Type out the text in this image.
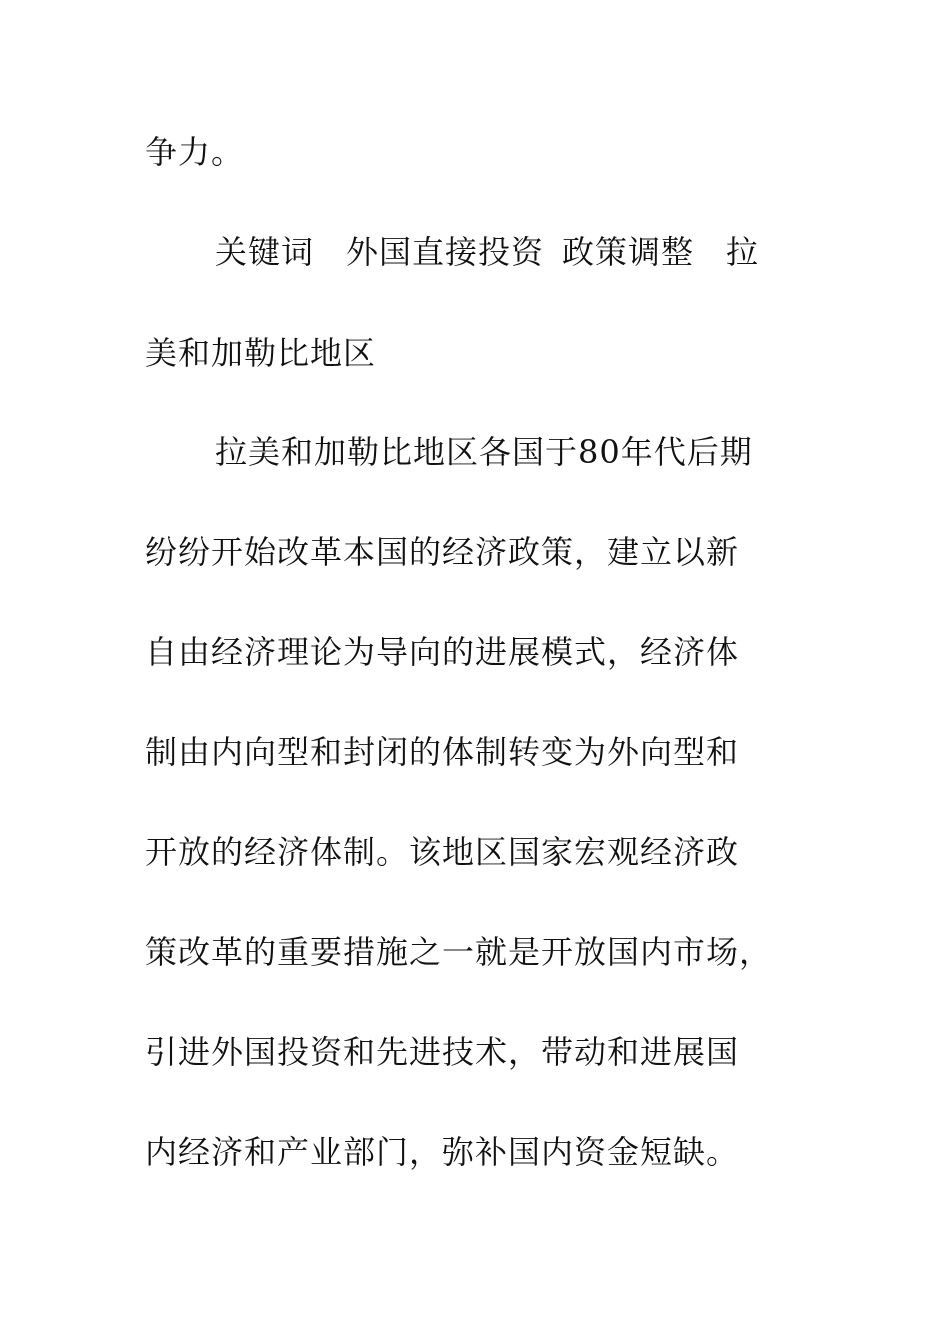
争力。
关键词 外国直接投资 政策调整 拉
美和加勒比地区
拉美和加勒比地区各国于80年代后期
纷纷开始改革本国的经济政策，建立以新
自由经济理论为导向的进展模式，经济体
制由内向型和封闭的体制转变为外向型和
开放的经济体制。该地区国家宏观经济政
策改革的重要措施之一就是开放国内市场，
引进外国投资和先进技术，带动和进展国
内经济和产业部门，弥补国内资金短缺。
